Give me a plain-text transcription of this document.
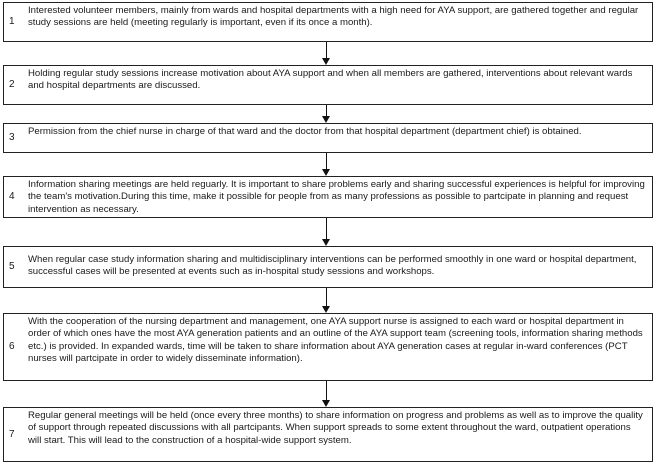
1
Interested volunteer members, mainly from wards and hospital departments with a high need for AYA support, are gathered together and regular study sessions are held (meeting regularly is important, even if its once a month).
2
Holding regular study sessions increase motivation about AYA support and when all members are gathered, interventions about relevant wards and hospital departments are discussed.
3
Permission from the chief nurse in charge of that ward and the doctor from that hospital department (department chief) is obtained.
4
Information sharing meetings are held reguarly. It is important to share problems early and sharing successful experiences is helpful for improving the team's motivation.During this time, make it possible for people from as many professions as possible to partcipate in planning and request intervention as necessary.
5
When regular case study information sharing and multidisciplinary interventions can be performed smoothly in one ward or hospital department, successful cases will be presented at events such as in-hospital study sessions and workshops.
6
With the cooperation of the nursing department and management, one AYA support nurse is assigned to each ward or hospital department in order of which ones have the most AYA generation patients and an outline of the AYA support team (screening tools, information sharing methods etc.) is provided. In expanded wards, time will be taken to share information about AYA generation cases at regular in-ward conferences (PCT nurses will partcipate in order to widely disseminate information).
7
Regular general meetings will be held (once every three months) to share information on progress and problems as well as to improve the quality of support through repeated discussions with all partcipants. When support spreads to some extent throughout the ward, outpatient operations will start. This will lead to the construction of a hospital-wide support system.
